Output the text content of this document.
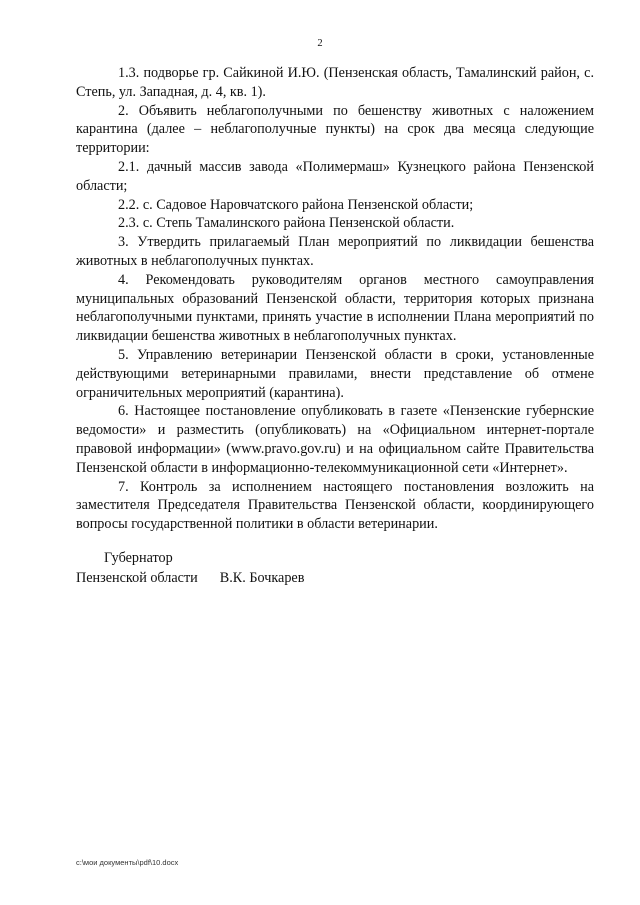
2

1.3. подворье гр. Сайкиной И.Ю. (Пензенская область, Тамалинский район, с. Степь, ул. Западная, д. 4, кв. 1).

2. Объявить неблагополучными по бешенству животных с наложением карантина (далее – неблагополучные пункты) на срок два месяца следующие территории:

2.1. дачный массив завода «Полимермаш» Кузнецкого района Пензенской области;

2.2. с. Садовое Наровчатского района Пензенской области;

2.3. с. Степь Тамалинского района Пензенской области.

3. Утвердить прилагаемый План мероприятий по ликвидации бешенства животных в неблагополучных пунктах.

4. Рекомендовать руководителям органов местного самоуправления муниципальных образований Пензенской области, территория которых признана неблагополучными пунктами, принять участие в исполнении Плана мероприятий по ликвидации бешенства животных в неблагополучных пунктах.

5. Управлению ветеринарии Пензенской области в сроки, установленные действующими ветеринарными правилами, внести представление об отмене ограничительных мероприятий (карантина).

6. Настоящее постановление опубликовать в газете «Пензенские губернские ведомости» и разместить (опубликовать) на «Официальном интернет-портале правовой информации» (www.pravo.gov.ru) и на официальном сайте Правительства Пензенской области в информационно-телекоммуникационной сети «Интернет».

7. Контроль за исполнением настоящего постановления возложить на заместителя Председателя Правительства Пензенской области, координирующего вопросы государственной политики в области ветеринарии.

Губернатор
Пензенской области В.К. Бочкарев
c:\мои документы\pdf\10.docx
